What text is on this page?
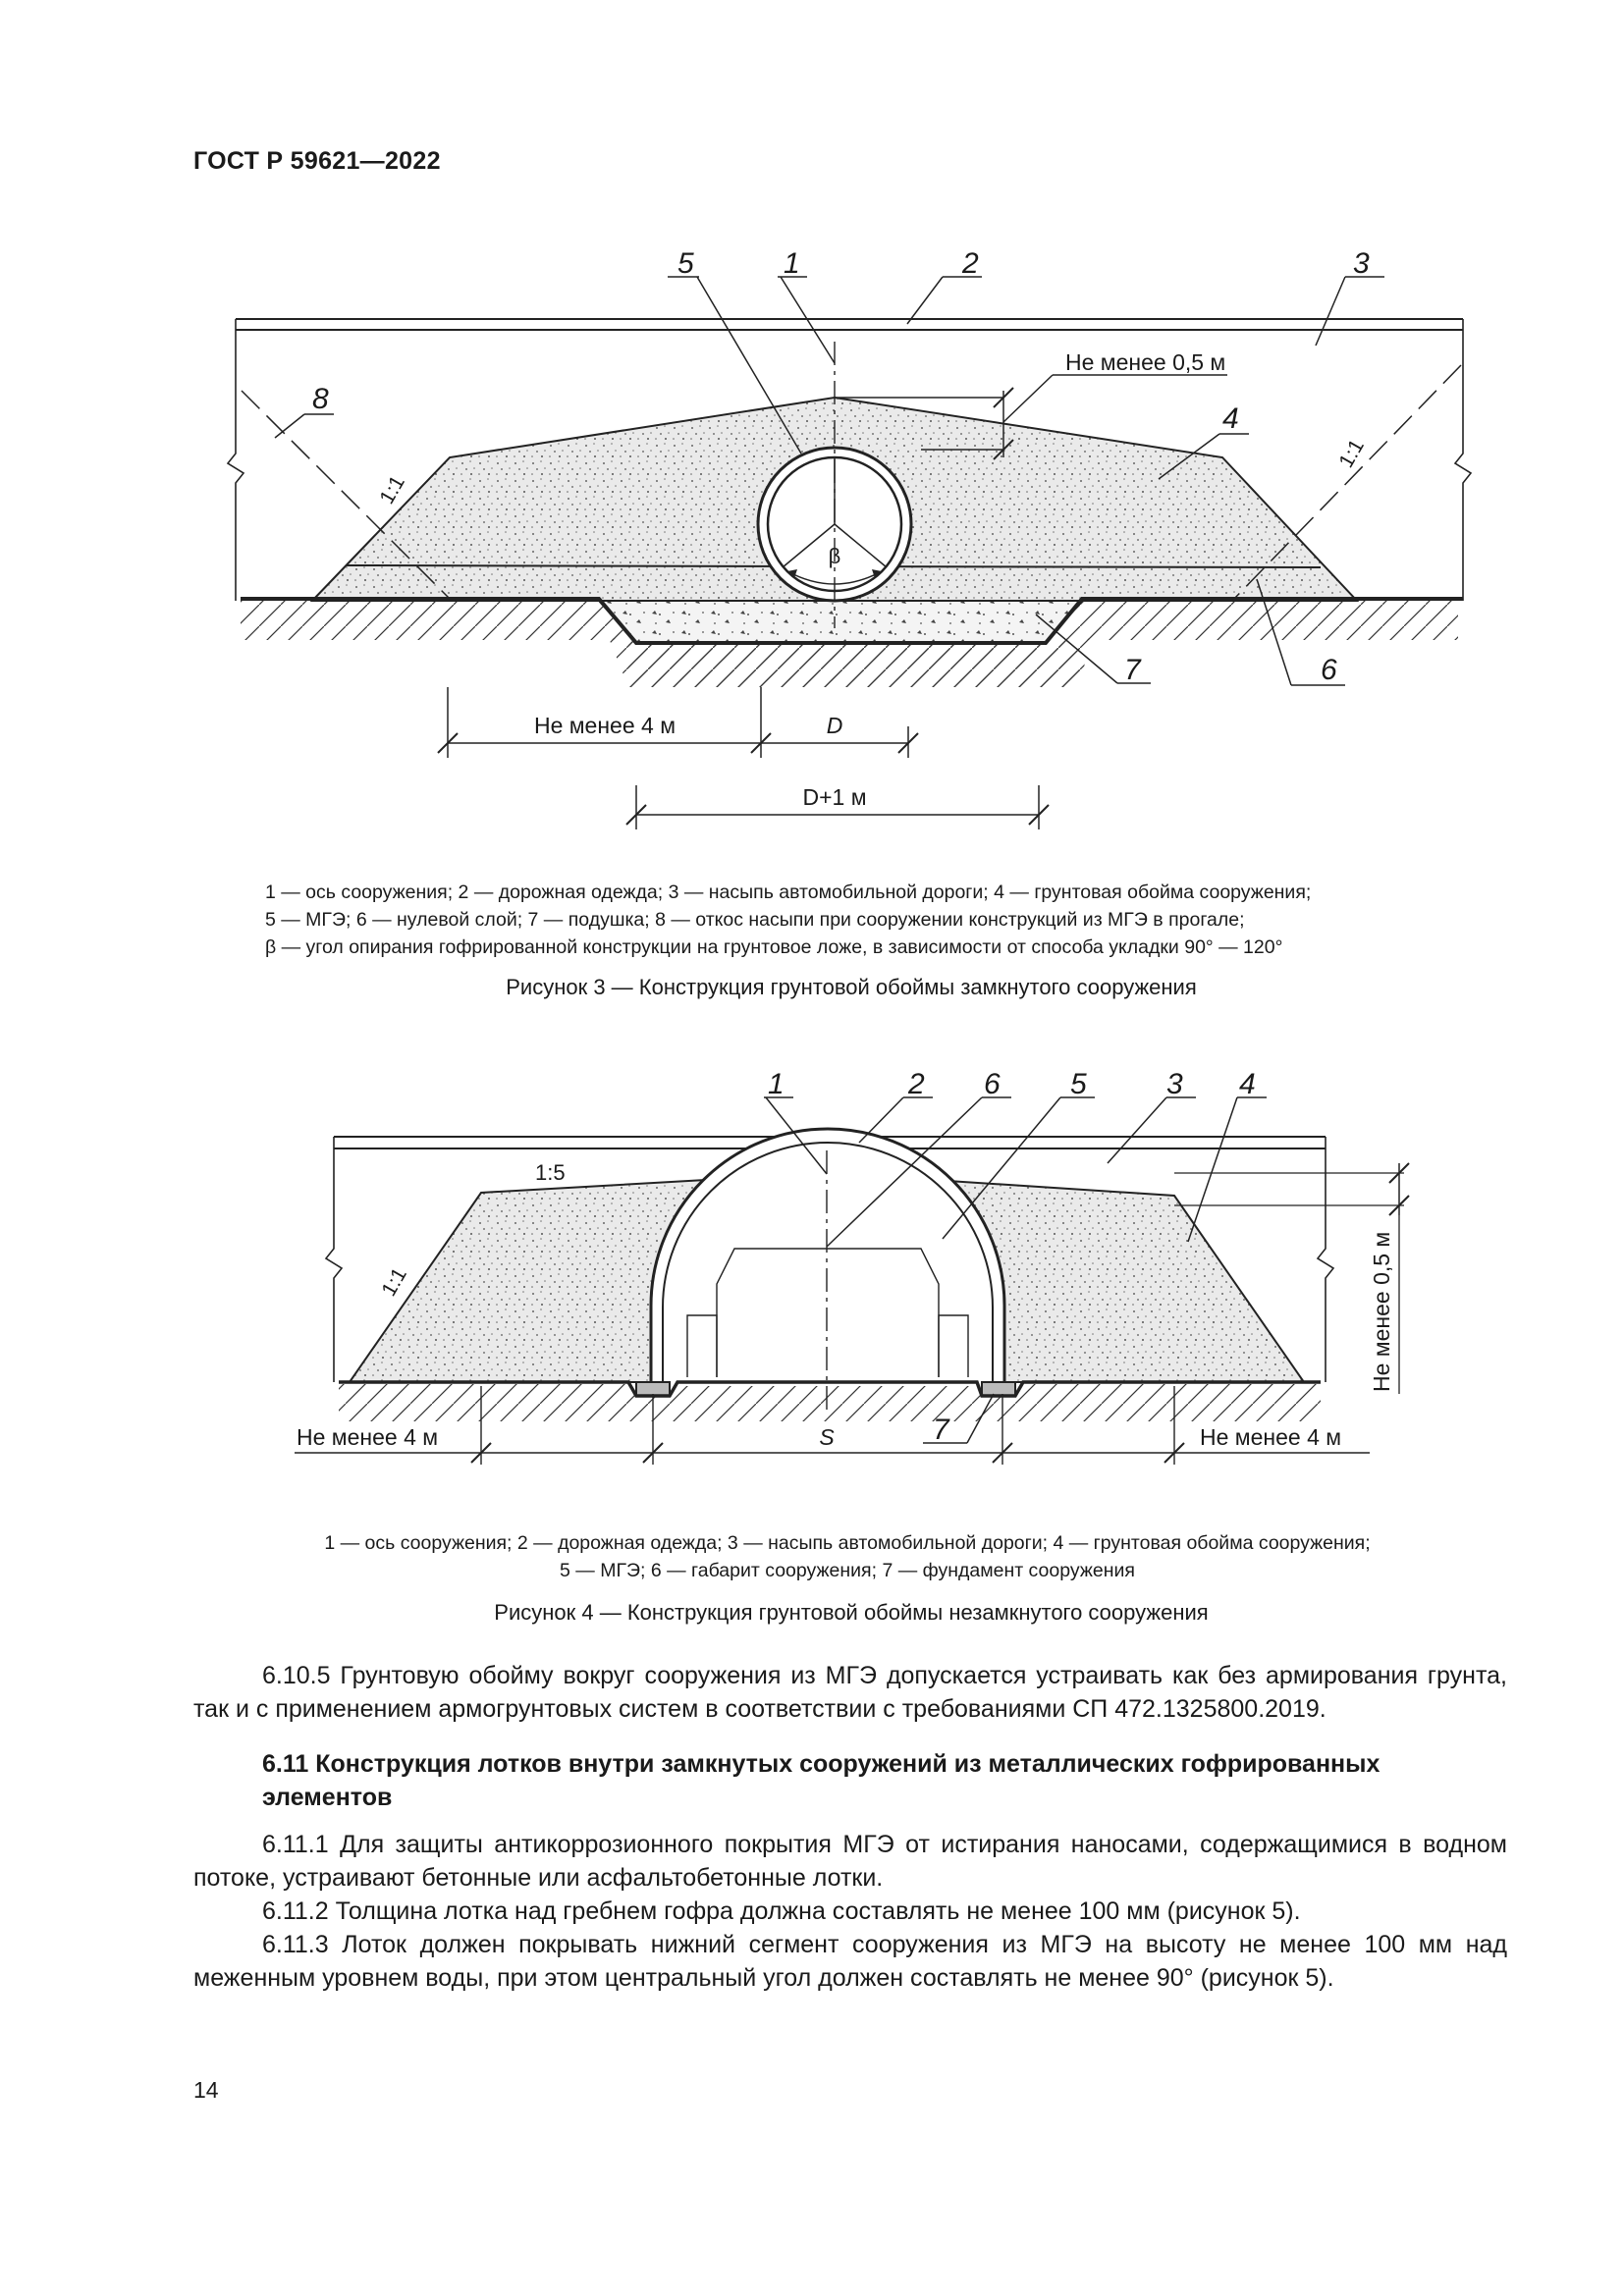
ГОСТ Р 59621—2022
β
Не менее 0,5 м
1:1
1:1
5	1	2	3
4
8
7	6
Не менее 4 м	D
D+1 м
1 — ось сооружения; 2 — дорожная одежда; 3 — насыпь автомобильной дороги; 4 — грунтовая обойма сооружения;
5 — МГЭ; 6 — нулевой слой; 7 — подушка; 8 — откос насыпи при сооружении конструкций из МГЭ в прогале;
β — угол опирания гофрированной конструкции на грунтовое ложе, в зависимости от способа укладки 90° — 120°
Рисунок 3 — Конструкция грунтовой обоймы замкнутого сооружения
Не менее 0,5 м
1:5
1:1
1	2 6 5	3 4
7
Не менее 4 м	S	Не менее 4 м
1 — ось сооружения; 2 — дорожная одежда; 3 — насыпь автомобильной дороги; 4 — грунтовая обойма сооружения;
5 — МГЭ; 6 — габарит сооружения; 7 — фундамент сооружения
Рисунок 4 — Конструкция грунтовой обоймы незамкнутого сооружения
6.10.5 Грунтовую обойму вокруг сооружения из МГЭ допускается устраивать как без армирования грунта, так и с применением армогрунтовых систем в соответствии с требованиями СП 472.1325800.2019.
6.11 Конструкция лотков внутри замкнутых сооружений из металлических гофрированных элементов
6.11.1 Для защиты антикоррозионного покрытия МГЭ от истирания наносами, содержащимися в водном потоке, устраивают бетонные или асфальтобетонные лотки.
6.11.2 Толщина лотка над гребнем гофра должна составлять не менее 100 мм (рисунок 5).
6.11.3 Лоток должен покрывать нижний сегмент сооружения из МГЭ на высоту не менее 100 мм над меженным уровнем воды, при этом центральный угол должен составлять не менее 90° (рисунок 5).
14
